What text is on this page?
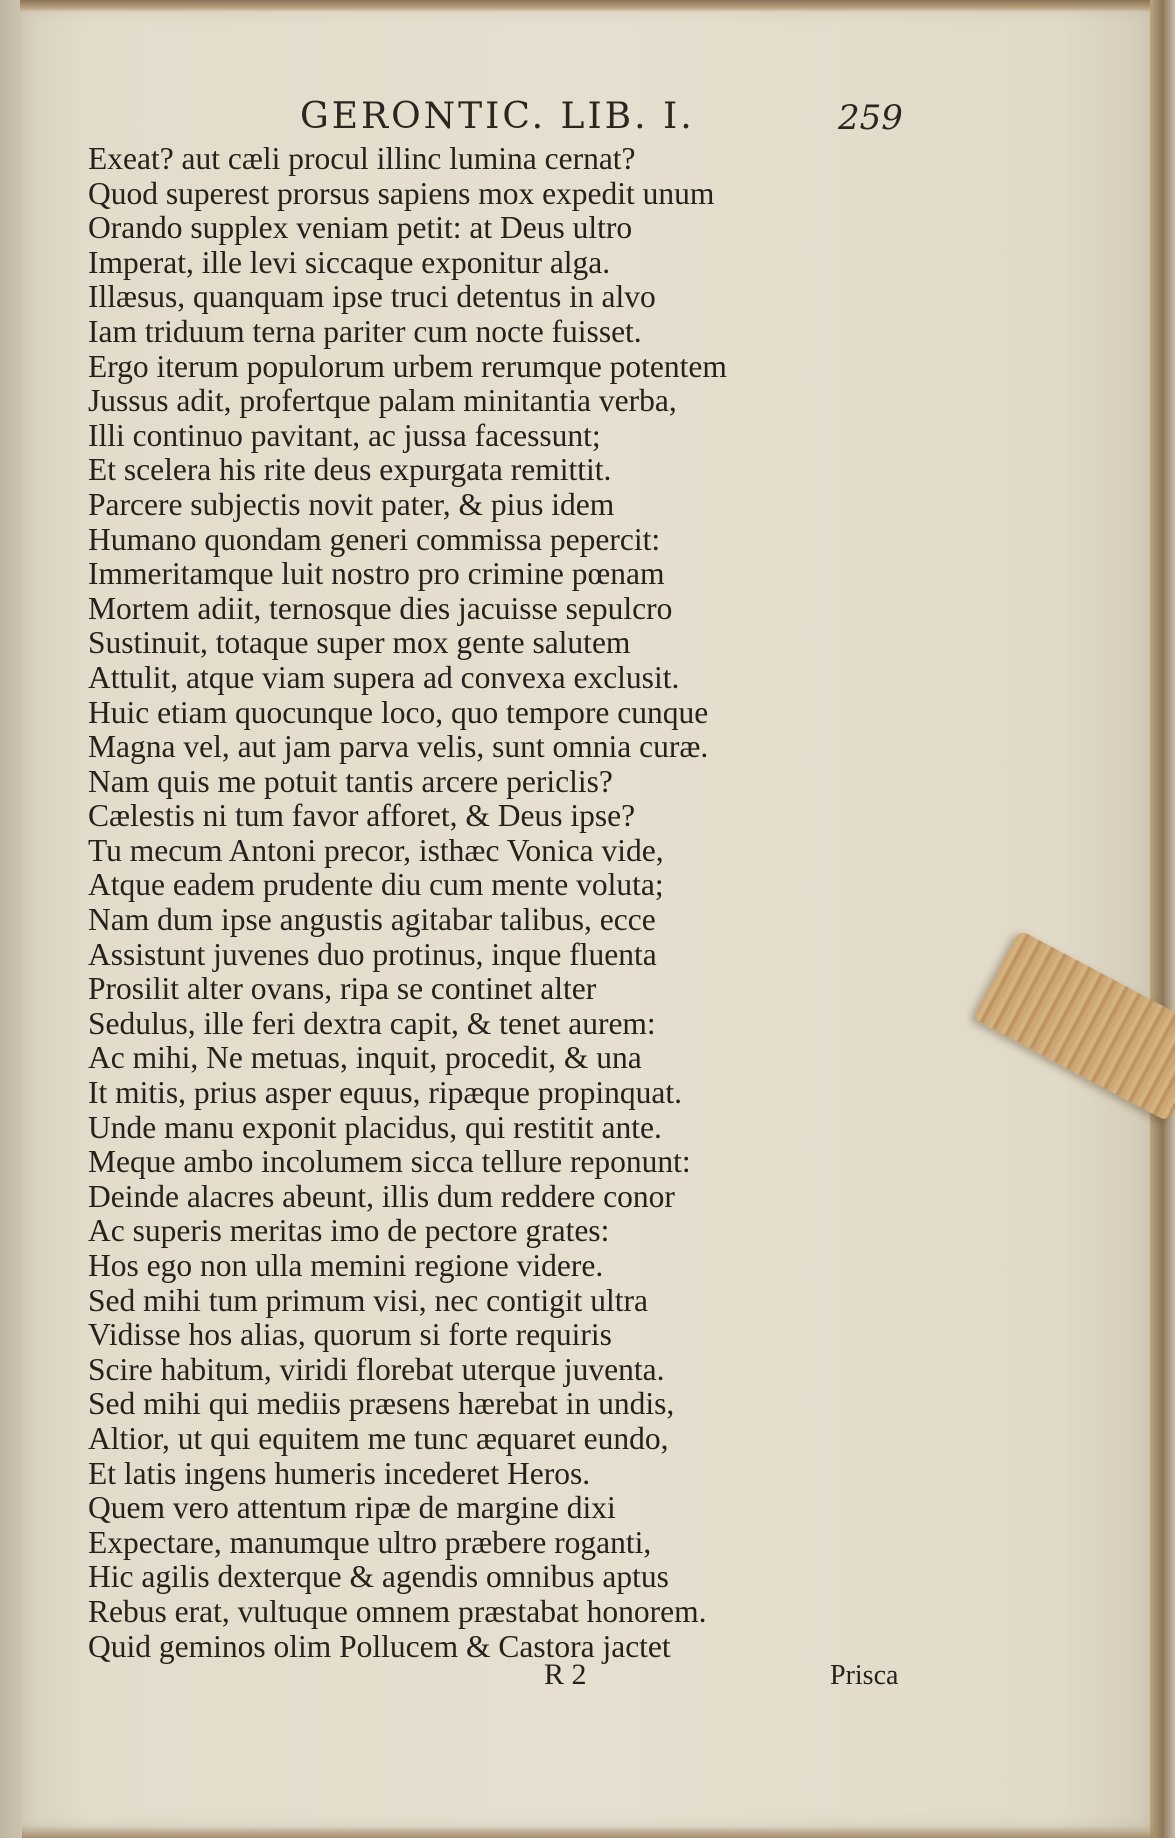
GERONTIC. LIB. I.	259
Exeat? aut cæli procul illinc lumina cernat?
Quod superest prorsus sapiens mox expedit unum
Orando supplex veniam petit: at Deus ultro
Imperat, ille levi siccaque exponitur alga.
Illæsus, quanquam ipse truci detentus in alvo
Iam triduum terna pariter cum nocte fuisset.
Ergo iterum populorum urbem rerumque potentem
Jussus adit, profertque palam minitantia verba,
Illi continuo pavitant, ac jussa facessunt;
Et scelera his rite deus expurgata remittit.
Parcere subjectis novit pater, & pius idem
Humano quondam generi commissa pepercit:
Immeritamque luit nostro pro crimine pœnam
Mortem adiit, ternosque dies jacuisse sepulcro
Sustinuit, totaque super mox gente salutem
Attulit, atque viam supera ad convexa exclusit.
Huic etiam quocunque loco, quo tempore cunque
Magna vel, aut jam parva velis, sunt omnia curæ.
Nam quis me potuit tantis arcere periclis?
Cælestis ni tum favor afforet, & Deus ipse?
Tu mecum Antoni precor, isthæc Vonica vide,
Atque eadem prudente diu cum mente voluta;
Nam dum ipse angustis agitabar talibus, ecce
Assistunt juvenes duo protinus, inque fluenta
Prosilit alter ovans, ripa se continet alter
Sedulus, ille feri dextra capit, & tenet aurem:
Ac mihi, Ne metuas, inquit, procedit, & una
It mitis, prius asper equus, ripæque propinquat.
Unde manu exponit placidus, qui restitit ante.
Meque ambo incolumem sicca tellure reponunt:
Deinde alacres abeunt, illis dum reddere conor
Ac superis meritas imo de pectore grates:
Hos ego non ulla memini regione videre.
Sed mihi tum primum visi, nec contigit ultra
Vidisse hos alias, quorum si forte requiris
Scire habitum, viridi florebat uterque juventa.
Sed mihi qui mediis præsens hærebat in undis,
Altior, ut qui equitem me tunc æquaret eundo,
Et latis ingens humeris incederet Heros.
Quem vero attentum ripæ de margine dixi
Expectare, manumque ultro præbere roganti,
Hic agilis dexterque & agendis omnibus aptus
Rebus erat, vultuque omnem præstabat honorem.
Quid geminos olim Pollucem & Castora jactet
R 2	Prisca
